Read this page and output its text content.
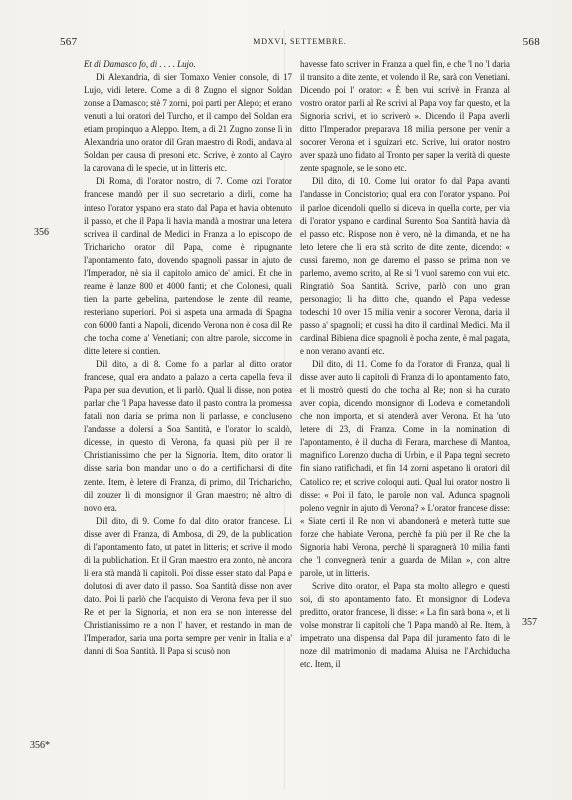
567	MDXVI, SETTEMBRE.	568
356
356*
357

Et di Damasco fo, di . . . . Lujo.

Di Alexandria, di sier Tomaxo Venier console, di 17 Lujo, vidi letere. Come a dì 8 Zugno el signor Soldan zonse a Damasco; stè 7 zorni, poi partì per Alepo; et erano venuti a lui oratori del Turcho, et il campo del Soldan era etiam propinquo a Aleppo. Item, a dì 21 Zugno zonse lì in Alexandria uno orator dil Gran maestro di Rodi, andava al Soldan per causa di presoni etc. Scrive, è zonto al Cayro la carovana di le specie, ut in litteris etc.

Di Roma, di l'orator nostro, di 7. Come ozi l'orator francese mandò per il suo secretario a dirli, come ha inteso l'orator yspano era stato dal Papa et havia obtenuto il passo, et che il Papa li havia mandà a mostrar una letera scrivea il cardinal de Medici in Franza a lo episcopo de Tricharicho orator dil Papa, come è ripugnante l'apontamento fato, dovendo spagnoli passar in ajuto de l'Imperador, nè sia il capitolo amico de' amici. Et che in reame è lanze 800 et 4000 fanti; et che Colonesi, quali tien la parte gebelina, partendose le zente dil reame, resteriano superiori. Poi si aspeta una armada di Spagna con 6000 fanti a Napoli, dicendo Verona non è cosa dil Re che tocha come a' Venetiani; con altre parole, siccome in ditte letere si contien.

Dil dito, a dì 8. Come fo a parlar al ditto orator francese, qual era andato a palazo a certa capella feva il Papa per sua devution, et li parlò. Qual li disse, non potea parlar che 'l Papa havesse dato il pasto contra la promessa fatali non daria se prima non li parlasse, e concluseno l'andasse a dolersi a Soa Santità, e l'orator lo scaldò, dicesse, in questo di Verona, fa quasi più per il re Christianissimo che per la Signoria. Item, dito orator li disse saria bon mandar uno o do a certificharsi di dite zente. Item, è letere di Franza, di primo, dil Tricharicho, dil zouzer li di monsignor il Gran maestro; nè altro di novo era.

Dil dito, di 9. Come fo dal dito orator francese. Li disse aver di Franza, di Ambosa, di 29, de la publication di l'apontamento fato, ut patet in litteris; et scrive il modo di la publichation. Et il Gran maestro era zonto, nè ancora li era stà mandà li capitoli. Poi disse esser stato dal Papa e dolutosi di aver dato il passo. Soa Santità disse non aver dato. Poi li parlò che l'acquisto di Verona feva per il suo Re et per la Signoria, et non era se non interesse del Christianissimo re a non l' haver, et restando in man de l'Imperador, saria una porta sempre per venir in Italia e a' danni di Soa Santità. Il Papa si scusò non

havesse fato scriver in Franza a quel fin, e che 'l no 'l daria il transito a dite zente, et volendo il Re, sarà con Venetiani. Dicendo poi l' orator: « È ben vui scrivè in Franza al vostro orator parli al Re scrivi al Papa voy far questo, et la Signoria scrivi, et io scriverò ». Dicendo il Papa averli ditto l'Imperador preparava 18 milia persone per venir a socorer Verona et i sguizari etc. Scrive, lui orator nostro aver spazà uno fidato al Tronto per saper la verità di queste zente spagnole, se le sono etc.

Dil dito, di 10. Come lui orator fo dal Papa avanti l'andasse in Concistorio; qual era con l'orator yspano. Poi il parloe dicendoli quello si diceva in quella corte, per via di l'orator yspano e cardinal Surento Soa Santità havia dà el passo etc. Rispose non è vero, nè la dimanda, et ne ha leto letere che li era stà scrito de dite zente, dicendo: « cussì faremo, non ge daremo el passo se prima non ve parlemo, avemo scrito, al Re si 'l vuol saremo con vui etc. Ringratiò Soa Santità. Scrive, parlò con uno gran personagio; li ha ditto che, quando el Papa vedesse todeschi 10 over 15 milia venir a socorer Verona, daria il passo a' spagnoli; et cussì ha dito il cardinal Medici. Ma il cardinal Bibiena dice spagnoli è pocha zente, è mal pagata, e non verano avanti etc.

Dil dito, di 11. Come fo da l'orator di Franza, qual li disse aver auto li capitoli di Franza di lo apontamento fato, et li mostrò questi do che tocha al Re; non si ha curato aver copia, dicendo monsignor di Lodeva e cometandoli che non importa, et si atenderà aver Verona. Et ha 'uto letere di 23, di Franza. Come in la nomination di l'apontamento, è il ducha di Ferara, marchese di Mantoa, magnifico Lorenzo ducha di Urbin, e il Papa tegnì secreto fin siano ratifichadi, et fin 14 zorni aspetano li oratori dil Catolico re; et scrive coloqui auti. Qual lui orator nostro li disse: « Poi il fato, le parole non val. Adunca spagnoli poleno vegnir in ajuto di Verona? » L'orator francese disse: « Siate certi il Re non vi abandonerà e meterà tutte sue forze che habiate Verona, perchè fa più per il Re che la Signoria habi Verona, perchè li sparagnerà 10 milia fanti che 'l convegnerà tenir a guarda de Milan », con altre parole, ut in litteris.

Scrive dito orator, el Papa sta molto allegro e questi soi, di sto apontamento fato. Et monsignor di Lodeva preditto, orator francese, li disse: « La fin sarà bona », et li volse monstrar li capitoli che 'l Papa mandò al Re. Item, à impetrato una dispensa dal Papa dil juramento fato di le noze dil matrimonio di madama Aluisa ne l'Archiducha etc. Item, il
